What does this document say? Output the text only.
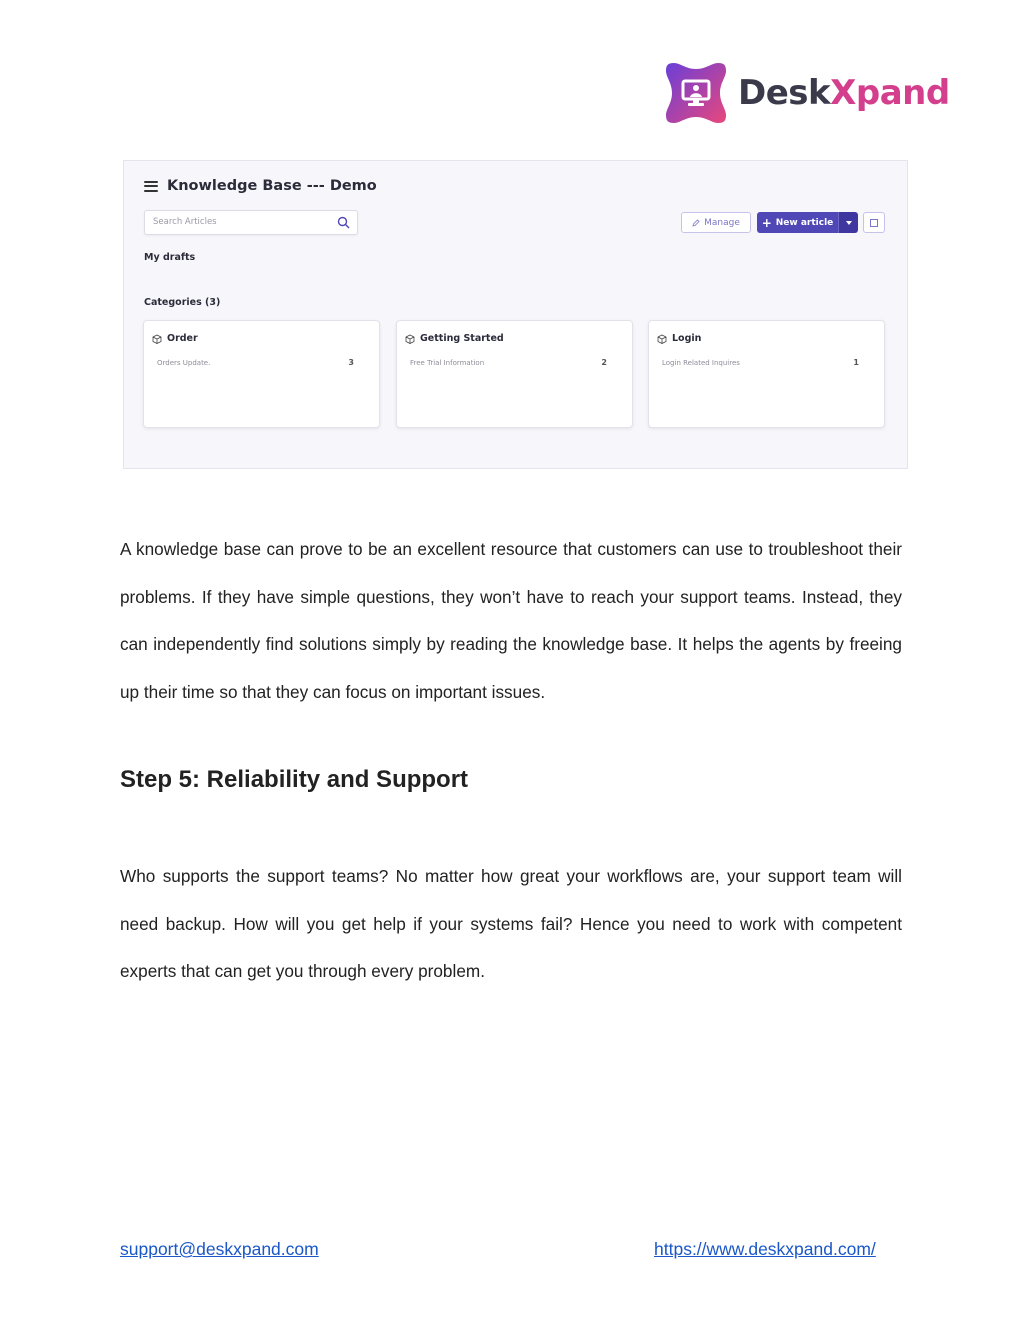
DeskXpand
Knowledge Base --- Demo
Search Articles	Manage + New article
My drafts
Categories (3)
Order
Orders Update.	3
Getting Started
Free Trial Information	2
Login
Login Related Inquires	1

A knowledge base can prove to be an excellent resource that customers can use to troubleshoot their problems. If they have simple questions, they won’t have to reach your support teams. Instead, they can independently find solutions simply by reading the knowledge base. It helps the agents by freeing up their time so that they can focus on important issues.

Step 5: Reliability and Support

Who supports the support teams? No matter how great your workflows are, your support team will need backup. How will you get help if your systems fail? Hence you need to work with competent experts that can get you through every problem.

support@deskxpand.com	https://www.deskxpand.com/
